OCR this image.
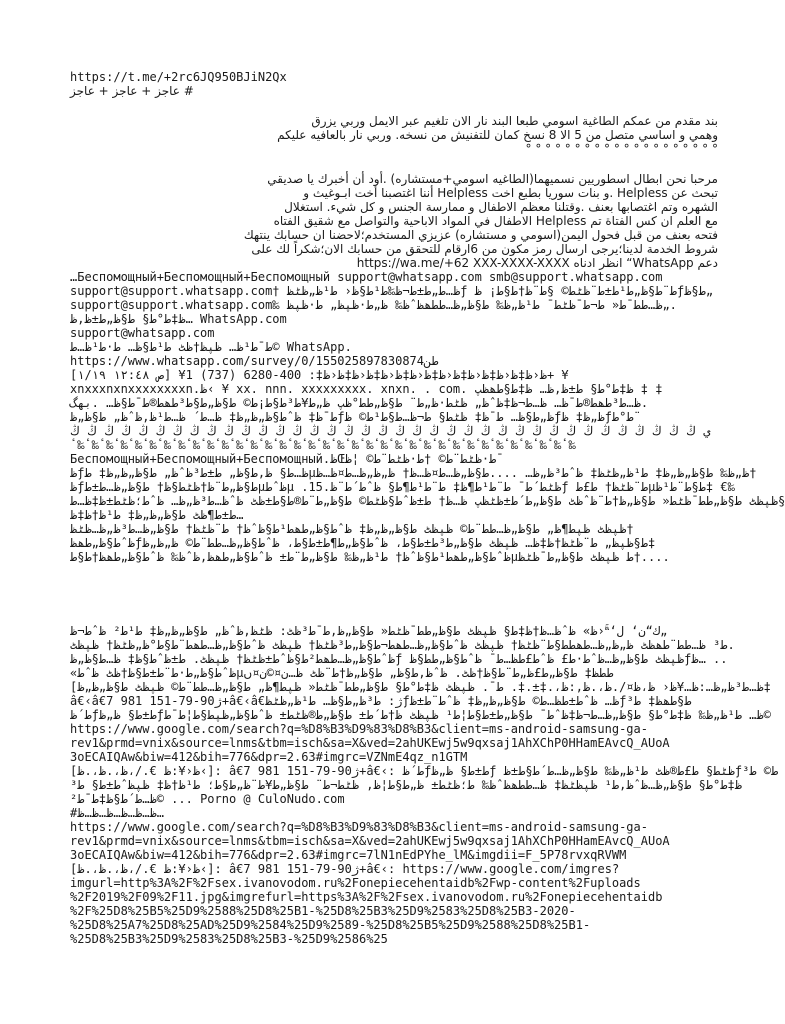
https://t.me/+2rc6JQ950BJiN2Qx
# عاجز + عاجز + عاجز
بند مقدم من عمكم الطاغية اسومي طبعا البند نار الان تلغيم عبر الايمل وربي يزرق
وهمي و اساسي متصل من 5 الا 8 نسخ كمان للتفنيش من نسخه. وربي نار بالعافيه عليكم
° ° ° ° ° ° ° ° ° ° ° ° ° ° ° ° ° ° ° °
مرحبا نحن ابطال اسطوريين نسميهما(الطاغيه اسومي+مستشاره) .أود أن أخبرك يا صديقي
تبحث عن Helpless .و بنات سوريا بطبع اخت Helpless أننا اغتصبنا أخت ابـوغيث و
الشهره وتم اغتصابها بعنف .وقتلنا معظم الاطفال و ممارسة الجنس و كل شيء. استغلال
مع العلم ان كس الفتاة تم Helpless الاطفال في المواد الاباحية والتواصل مع شقيق الفتاه
فتحه بعنف من قبل فحول اليمن(اسومي و مستشاره) عزيزي المستخدم؛لاحضنا ان حسابك ينتهك
شروط الخدمة لدينا؛يرجى ارسال رمز مكون من 6ارقام للتحقق من حسابك الان؛شكراً لك على
دعم WhatsApp“ انظر ادناه https://wa.me/+62 XXX-XXXX-XXXX
…Беспомощный+Беспомощный+Беспомощный support@whatsapp.com smb@support.whatsapp.com
support@support.whatsapp.com† ظ…ط„ط±ط¬ظ‰ط¹ط§ظ‹ ط¹ظ„ظٹظƒ ط¨ط§ظ„ط¹ط±ط¨ظٹط© §ط¨ظ†ط§ط¡ ظƒط§ظ„
support@support.whatsapp.com‰ ظ…طط¯ط« ط¬ط¯ظٹط¯ ط¹ظ„ظ‰ ط§ظ„ظ…ططھظˆظ‰ ظ„ط·ظپظ„ ط·ظپظ„.
ظ‡ط°ط§ ط§ظ„ط±ظ‚ظ… WhatsApp.com
support@whatsapp.com
ط¯ط¹ظ… ظپظ†ظٹ ط¹ط§ظ… ط·ط¹ظ…ط© WhatsApp.
https://www.whatsapp.com/survey/0/155025897830874طن
[ص ١٢:٤٨ ١/١٩] ¥ظ‹ظ‡ظ‹ظ‡ظ‹ظ‡ظ‹ظ‡ظ‹ظ‡ظ‹ظ‡ظ‹ظ‡ظ‹ظ‡: 400-6280 (737) 1+ ¥
xnxxxnxnxxxxxxxxn.ظ‹ ¥ xx. nnn. xxxxxxxxx. xnxn. . com. ظ‡ط°ط§ ط±ظ‚ظ… ظ‡ط§طھظپ ‡ ‡
ظ…ط³طھط®ط¯ظ… ظ…ط¬ظ‡ظˆظ„ ظٹط·ظ„ط¨ ط§ظ„طط°ظپ ظ„ط¥ط³ط§ط¡ط© ط§ظ„ط§ط³طھط®ط¯ط§ظ… .بهگ.
ط¯ظ‡ ظˆط§ظ„ظ„ظ‡ ظ…ط´ ظ…ط¹ظ‚ظˆظ„ ط§ظ„ظƒظ„ط§ظ… ط¯ظ‡ ظٹط§ ط¬ظ…ط§ط¹ط© ظƒظ„ظ‡ ظƒط°ط¨
ي ڭ ڭ ڭ ڭ ڭ ڭ ڭ ڭ ڭ ڭ ڭ ڭ ڭ ڭ ڭ ڭ ڭ ڭ ڭ ڭ ڭ ڭ ڭ ڭ ڭ ڭ ڭ ڭ ڭ ڭ ڭ ڭ ڭ ڭ ڭ ڭ ڭ
ٴ‰ٴ‰ٴ‰ٴ‰ٴ‰ٴ‰ٴ‰ٴ‰ٴ‰ٴ‰ٴ‰ٴ‰ٴ‰ٴ‰ٴ‰ٴ‰ٴ‰ٴ‰ٴ‰ٴ‰ٴ‰ٴ‰ٴ‰ٴ‰ٴ‰ٴ‰ٴ‰ٴ‰ٴ‰ٴ‰ٴ‰ٴ‰ٴ‰ٴ‰ٴ‰
Беспомощный+Беспомощный+Беспомощный.ظŒط·ظٹط¨ط© †ط·ظٹط¨ط© ¦ظ¯
ظƒظ…ط§ ظ‚ط§ظ„ ط±ط³ظˆظ„ ط§ظ„ظ„ظ‡ طµظ„ظ‰ ط§ظ„ظ„ظ‡ ط¹ظ„ظٹظ‡ ظˆط³ظ„ظ… ....ط§ظ„ظ…ط¤ظ…ظ† ظ„ظ„ظ…ط¤ظ…ظ†
ظƒط§ظ„ط¨ظ†ظٹط§ظ† ط§ظ„ظ…ط±طµظˆطµ .15.ظٹط´ط¯ ط¨ط¹ط¶ظ‡ ط¨ط¹ط¶ط§ ظˆط´ط¨ظƒ ط¨ظٹظ† ط£طµط§ط¨ط¹ظ‡ €‰
ظپظٹ ط§ظ„طط¯ظٹط« ط§ظ„ظ†ط¨ظˆظٹ ط§ظ„ط´ط±ظٹظپ ظ…ظ† ط±ظˆط§ظٹط© ط§ظ„ط¨ط®ط§ط±ظٹ ظˆظ…ط³ظ„ظ… ظˆط؛ظٹط±ظ‡ظ…ط§
ط±ط¶ظٹ ط§ظ„ظ„ظ‡ ط¹ظ†ظ‡ظ…
ظپظٹ ظپط¶ظ„ ط§ظ„ظ…طط¨ط© ظپظٹ ط§ظ„ظ„ظ‡ ظˆط§ظ„طھط¹ط§ظˆظ† ط¨ظٹظ† ط§ظ„ظ…ط³ظ„ظ…ظٹظ†
ظˆط§ظ„طھظƒط§ظپظ„ ط¨ظٹظ†ظ‡ظ… ظپظٹ ط§ظ„ط³ط±ط§ط، ظˆط§ظ„ط¶ط±ط§ط، ظˆط§ظ„ظ…طط¨ط© ظ„ظ„ظ‡
ظˆط§ظ„طھط¹ط§ظˆظ† ط¹ظ„ظ‰ ط§ظ„ط¨ط± ظˆط§ظ„طھظ‚ظˆظ‰ ظˆط§ظ„طھظ†ط§طµط ظپظٹ ط§ظ„ط¯ظٹظ†....
ك“ن‘ ‌ل‘“ۚ‹ظ» ظˆظ…ظ†ظ‡ط§ ظپظٹ ط§ظ„طط¯ظٹط« ط§ظ„ظ‚ط¯ط³ظٹ: ظٹظ‚ظˆظ„ ط§ظ„ظ„ظ‡ ط¹ط² ظˆط¬ظ„
ط³ ظ…طط¨طھظٹ ظ„ظ„ظ…طھطط§ط¨ظٹظ† ظپظٹ ظˆط§ظ„ظ…طھط¬ط§ظ„ط³ظٹظ† ظپظٹ ظˆط§ظ„ظ…طھط¨ط§ط°ظ„ظٹظ† ظپظٹ.
ظˆط§ظ„ظ…طھط²ط§ظˆط±ظٹظ† ظپظٹ. ط±ظˆط§ظ‡ ظ…ط§ظ„ظƒ ظپظٹ ط§ظ„ظ…ظˆط·ط£ ظˆط£طظ…ط¯ ظˆط§ظ„طط§ظƒظ… ..
«ظˆط§ظ„ط·ط¨ط±ط§ظ†ظٹ ظˆطµططظ‡ ط§ظ„ط£ظ„ط¨ط§ظ†ظٹ. ظˆظ‚ط§ظ„ ط§ظ„ظ†ط¨ظٹ ظ…ن¤©ن¤ں
[ظ…ط³ظ„ظ…:ظ…¥ظ‹ ظ،ظ¤/.ظ،.ظ‚:ظ،.‡±.‡. ط¯. ظپظٹ ظ‡ط°ط§ ط§ظ„طط¯ظٹط« ظپط¶ظ„ ط§ظ„ظ…طط¨ط© ظپظٹ ط§ظ„ظ„ظ‡
â€‹â€ژ90-79-151 981 7+â€‹â€ژ: ط³ظ„ط§ظ… ط¹ظ„ظٹظƒظ… ظˆط±طظ…ط© ط§ظ„ظ„ظ‡ ظˆط¨ط±ظƒط§طھظ‡ ط³
ط´ظƒط±ط§ ظ„ظƒظ… ط¹ظ„ظ‰ ظ‡ط°ط§ ط§ظ„ظ…ط¬ظ‡ظˆط¯ ط§ظ„ط±ط§ط¦ط¹ ظپظٹ ظ†ط´ط± ط§ظ„ط®ظٹط± ظˆط§ظ„ظپط§ط¦ط¯ط©
https://www.google.com/search?q=%D8%B3%D9%83%D8%B3&client=ms-android-samsung-ga-
rev1&prmd=vnix&source=lnms&tbm=isch&sa=X&ved=2ahUKEwj5w9qxsaj1AhXChP0HHamEAvcQ_AUoA
3oECAIQAw&biw=412&bih=776&dpr=2.63#imgrc=VZNmE4qz_n1GTM
[ظ،.ظ،.ظ،/‎.€‎ ظ‹¥:ظ‹]: â€ژ90-79-151 981 7+â€‹: ط´ظƒط±ط§ ظ„ظƒ ظٹط§ ط£ط®ظٹ ط¹ظ„ظ‰ ط§ظ„ظ…ط´ط§ط±ظƒط© ط³
ظ‡ط°ط§ ط§ظ„ظ…ظˆظ‚ط¹ ظپظٹظ‡ ظ…ططھظˆظ‰ ط؛ظٹط± ظ„ط§ط¦ظ‚ ظٹط¬ط¨ ط§ظ„ط¥ط¨ظ„ط§ط؛ ط¹ظ†ظ‡ ظپظˆط±ط§ ط³
²ظ…ط´ط§ظ‡ط¯ط© ... Porno @ CuloNudo.com
#ظ…ظ…ظ…ظ…ظ…ظ…
https://www.google.com/search?q=%D8%B3%D9%83%D8%B3&client=ms-android-samsung-ga-
rev1&prmd=vnix&source=lnms&tbm=isch&sa=X&ved=2ahUKEwj5w9qxsaj1AhXChP0HHamEAvcQ_AUoA
3oECAIQAw&biw=412&bih=776&dpr=2.63#imgrc=7lN1nEdPYhe_lM&imgdii=F_5P78rvxqRVWM
[ظ،.ظ،.ظ،/‎.€‎ ظ‹¥:ظ‹]: â€ژ90-79-151 981 7+â€‹: https://www.google.com/imgres?
imgurl=http%3A%2F%2Fsex.ivanovodom.ru%2Fonepiecehentaidb%2Fwp-content%2Fuploads
%2F2019%2F09%2F11.jpg&imgrefurl=https%3A%2F%2Fsex.ivanovodom.ru%2Fonepiecehentaidb
%2F%25D8%25B5%25D9%2588%25D8%25B1-%25D8%25B3%25D9%2583%25D8%25B3-2020-
%25D8%25A7%25D8%25AD%25D9%2584%25D9%2589-%25D8%25B5%25D9%2588%25D8%25B1-
%25D8%25B3%25D9%2583%25D8%25B3-%25D9%2586%25
